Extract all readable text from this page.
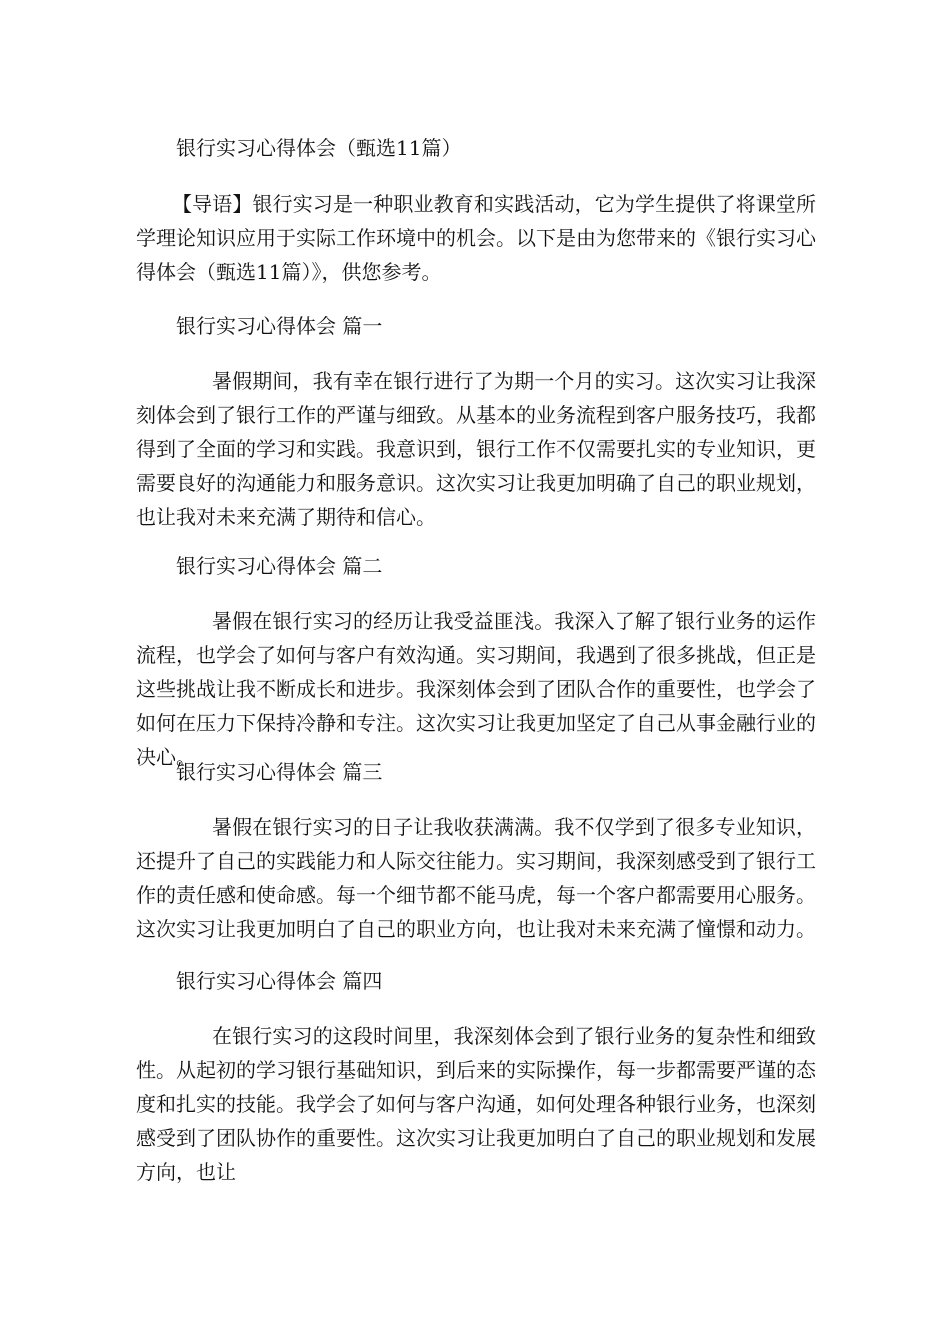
银行实习心得体会（甄选11篇）
【导语】银行实习是一种职业教育和实践活动，它为学生提供了将课堂所学理论知识应用于实际工作环境中的机会。以下是由为您带来的《银行实习心得体会（甄选11篇）》，供您参考。
银行实习心得体会 篇一
暑假期间，我有幸在银行进行了为期一个月的实习。这次实习让我深刻体会到了银行工作的严谨与细致。从基本的业务流程到客户服务技巧，我都得到了全面的学习和实践。我意识到，银行工作不仅需要扎实的专业知识，更需要良好的沟通能力和服务意识。这次实习让我更加明确了自己的职业规划，也让我对未来充满了期待和信心。
银行实习心得体会 篇二
暑假在银行实习的经历让我受益匪浅。我深入了解了银行业务的运作流程，也学会了如何与客户有效沟通。实习期间，我遇到了很多挑战，但正是这些挑战让我不断成长和进步。我深刻体会到了团队合作的重要性，也学会了如何在压力下保持冷静和专注。这次实习让我更加坚定了自己从事金融行业的决心。
银行实习心得体会 篇三
暑假在银行实习的日子让我收获满满。我不仅学到了很多专业知识，还提升了自己的实践能力和人际交往能力。实习期间，我深刻感受到了银行工作的责任感和使命感。每一个细节都不能马虎，每一个客户都需要用心服务。这次实习让我更加明白了自己的职业方向，也让我对未来充满了憧憬和动力。
银行实习心得体会 篇四
在银行实习的这段时间里，我深刻体会到了银行业务的复杂性和细致性。从起初的学习银行基础知识，到后来的实际操作，每一步都需要严谨的态度和扎实的技能。我学会了如何与客户沟通，如何处理各种银行业务，也深刻感受到了团队协作的重要性。这次实习让我更加明白了自己的职业规划和发展方向，也让
